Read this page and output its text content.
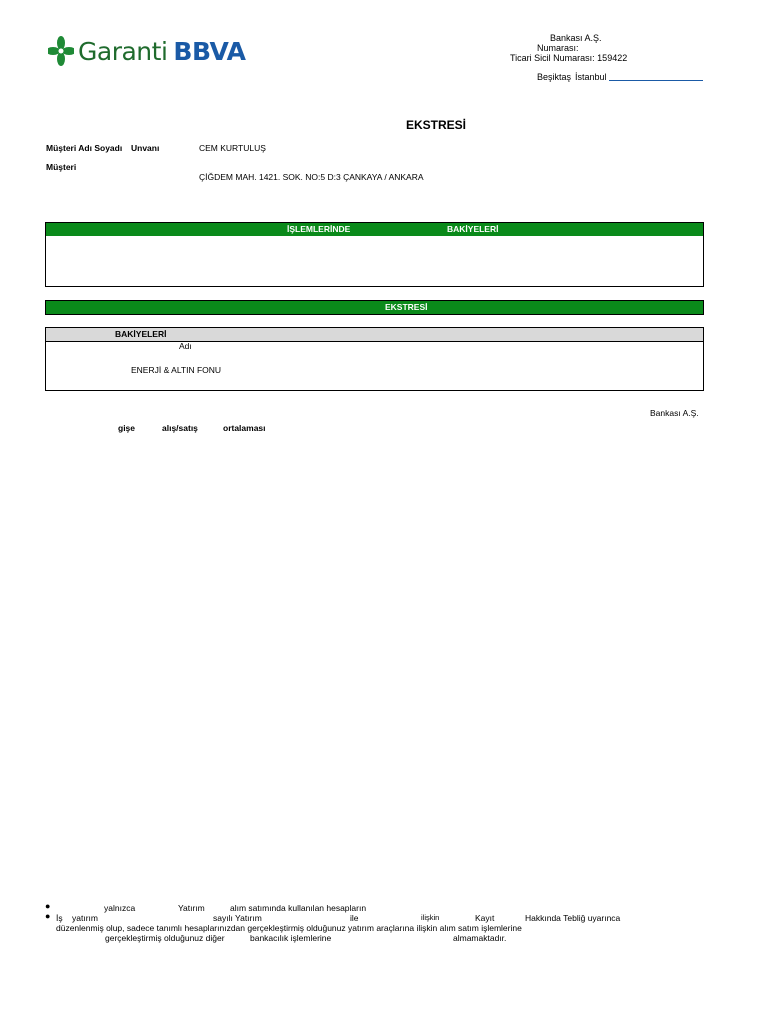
Garanti BBVA	Bankası A.Ş.
Numarası:
Ticari Sicil Numarası: 159422
Beşiktaş İstanbul
EKSTRESİ
Müşteri Adı Soyadı Unvanı	CEM KURTULUŞ
Müşteri
ÇİĞDEM MAH. 1421. SOK. NO:5 D:3 ÇANKAYA / ANKARA
İŞLEMLERİNDE	BAKİYELERİ
EKSTRESİ
BAKİYELERİ
Adı
ENERJİ & ALTIN FONU
Bankası A.Ş.
gişe	alış/satış	ortalaması
●	yalnızca	Yatırım	alım satımında kullanılan hesapların
● İş yatırım	sayılı Yatırım	ile	ilişkin	Kayıt	Hakkında Tebliğ uyarınca
düzenlenmiş olup, sadece tanımlı hesaplarınızdan gerçekleştirmiş olduğunuz yatırım araçlarına ilişkin alım satım işlemlerine
gerçekleştirmiş olduğunuz diğer	bankacılık işlemlerine	almamaktadır.
